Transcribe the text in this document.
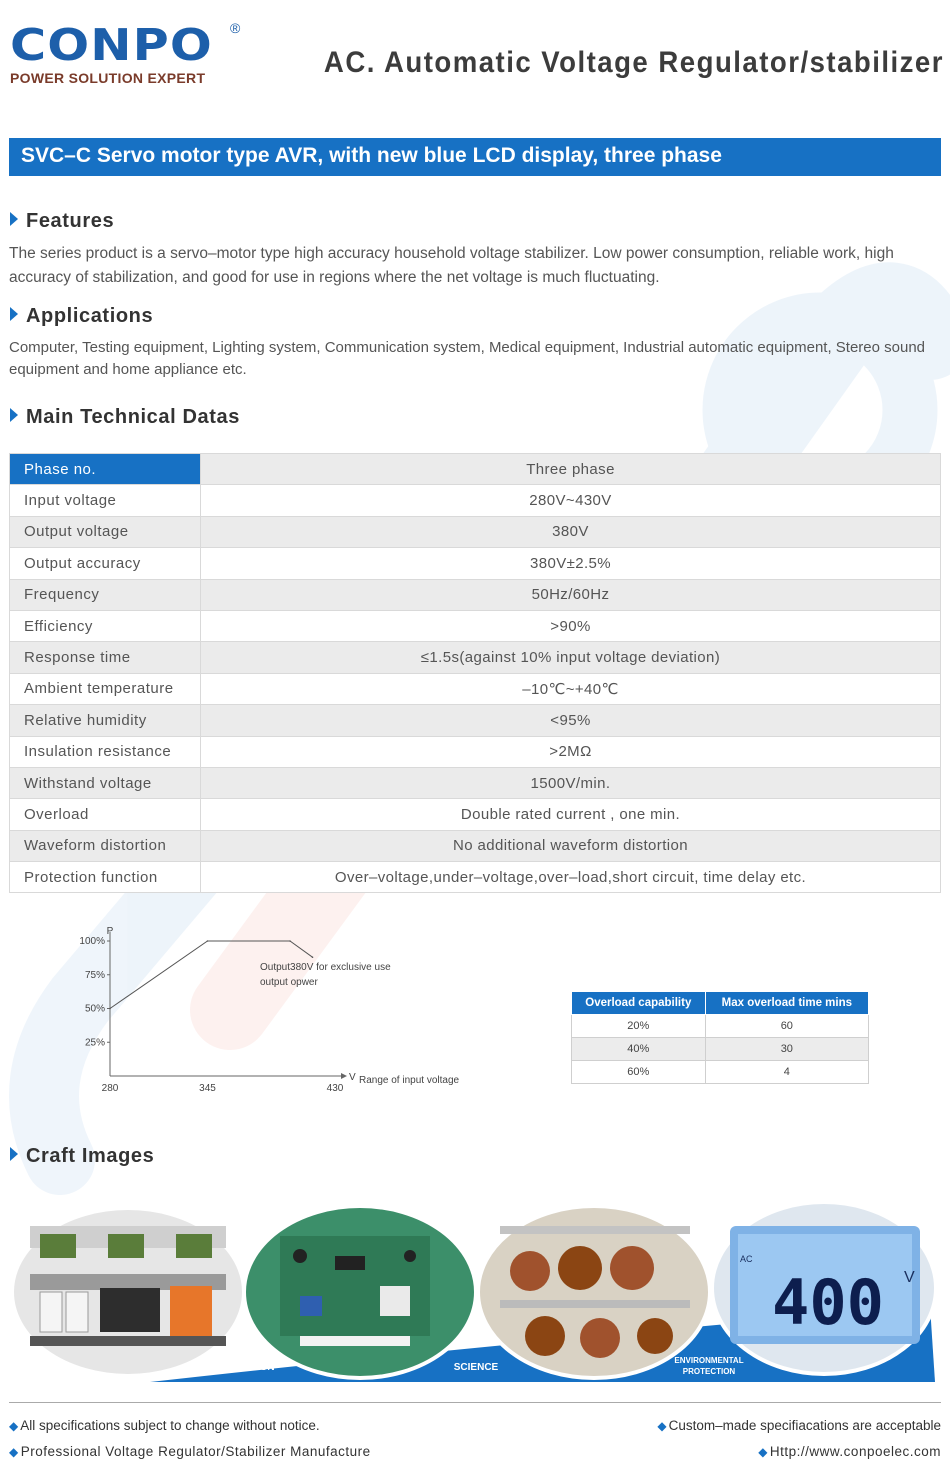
CONPO	®
POWER SOLUTION EXPERT	AC. Automatic Voltage Regulator/stabilizer
SVC–C Servo motor type AVR, with new blue LCD display, three phase
Features
The series product is a servo–motor type high accuracy household voltage stabilizer. Low power consumption, reliable work, high accuracy of stabilization, and good for use in regions where the net voltage is much fluctuating.
Applications
Computer, Testing equipment, Lighting system, Communication system, Medical equipment, Industrial automatic equipment, Stereo sound equipment and home appliance etc.
Main Technical Datas
Phase no.	Three phase
Input voltage	280V~430V
Output voltage	380V
Output accuracy	380V±2.5%
Frequency	50Hz/60Hz
Efficiency	>90%
Response time	≤1.5s(against 10% input voltage deviation)
Ambient temperature	–10℃~+40℃
Relative humidity	<95%
Insulation resistance	>2MΩ
Withstand voltage	1500V/min.
Overload	Double rated current , one min.
Waveform distortion	No additional waveform distortion
Protection function	Over–voltage,under–voltage,over–load,short circuit, time delay etc.
P
V Range of input voltage
25%
50%
75%
100%
280	345	430
Output380V for exclusive use
output opwer
Overload capability	Max overload time mins
20%	60
40%	30
60%	4
Craft Images
AC
400 V
INNOVATION	SCIENCE
ENVIRONMENTAL
PROTECTION
◆ All specifications subject to change without notice.
◆ Professional Voltage Regulator/Stabilizer Manufacture
◆ Custom–made specifiacations are acceptable
◆ Http://www.conpoelec.com
